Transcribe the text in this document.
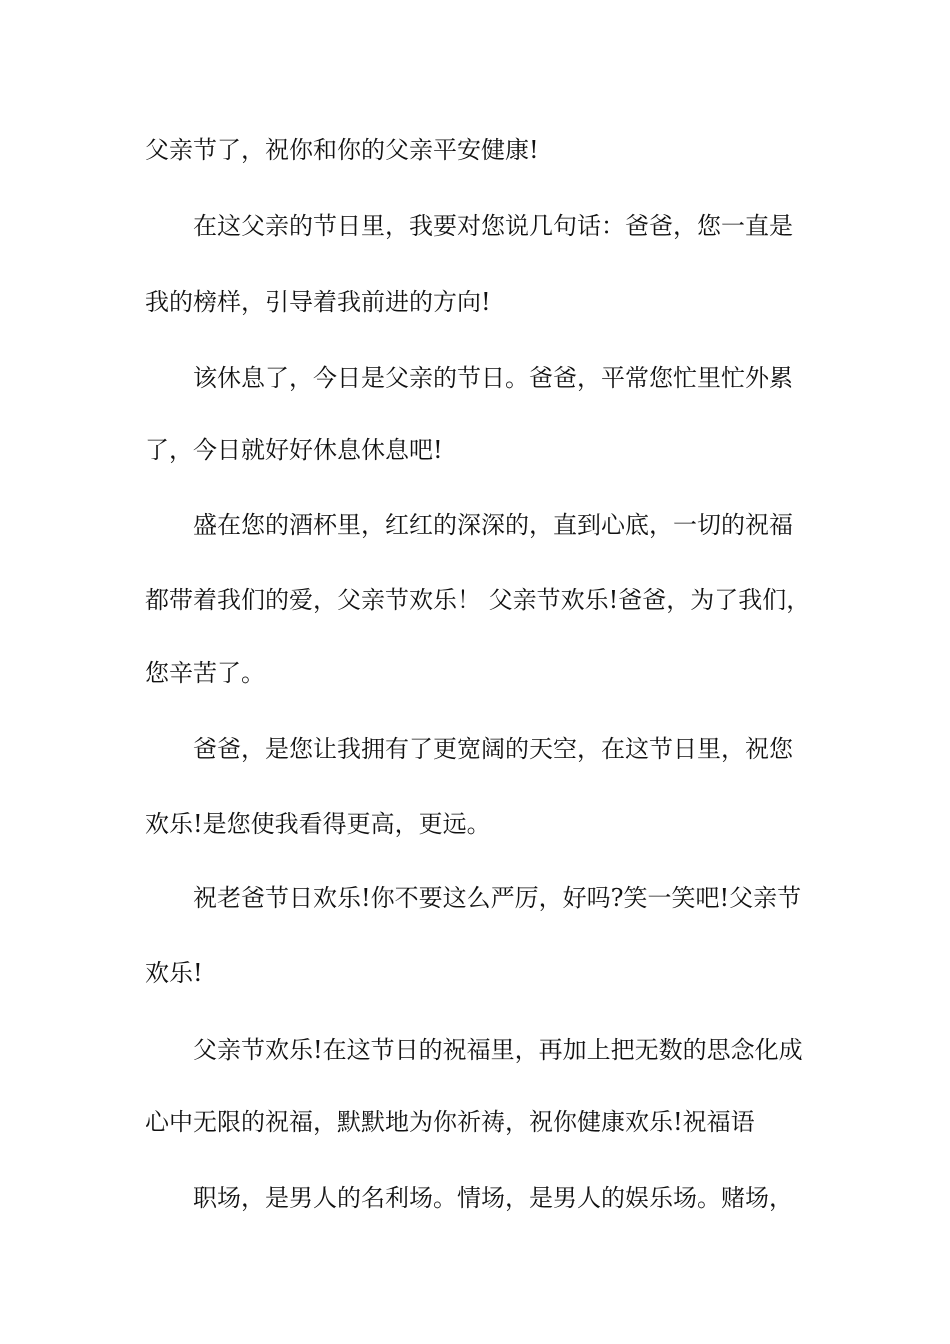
父亲节了，祝你和你的父亲平安健康!
在这父亲的节日里，我要对您说几句话：爸爸，您一直是
我的榜样，引导着我前进的方向!
该休息了，今日是父亲的节日。爸爸，平常您忙里忙外累
了，今日就好好休息休息吧!
盛在您的酒杯里，红红的深深的，直到心底，一切的祝福
都带着我们的爱，父亲节欢乐！ 父亲节欢乐!爸爸，为了我们，
您辛苦了。
爸爸，是您让我拥有了更宽阔的天空，在这节日里，祝您
欢乐!是您使我看得更高，更远。
祝老爸节日欢乐!你不要这么严厉，好吗?笑一笑吧!父亲节
欢乐!
父亲节欢乐!在这节日的祝福里，再加上把无数的思念化成
心中无限的祝福，默默地为你祈祷，祝你健康欢乐!祝福语
职场，是男人的名利场。情场，是男人的娱乐场。赌场，
